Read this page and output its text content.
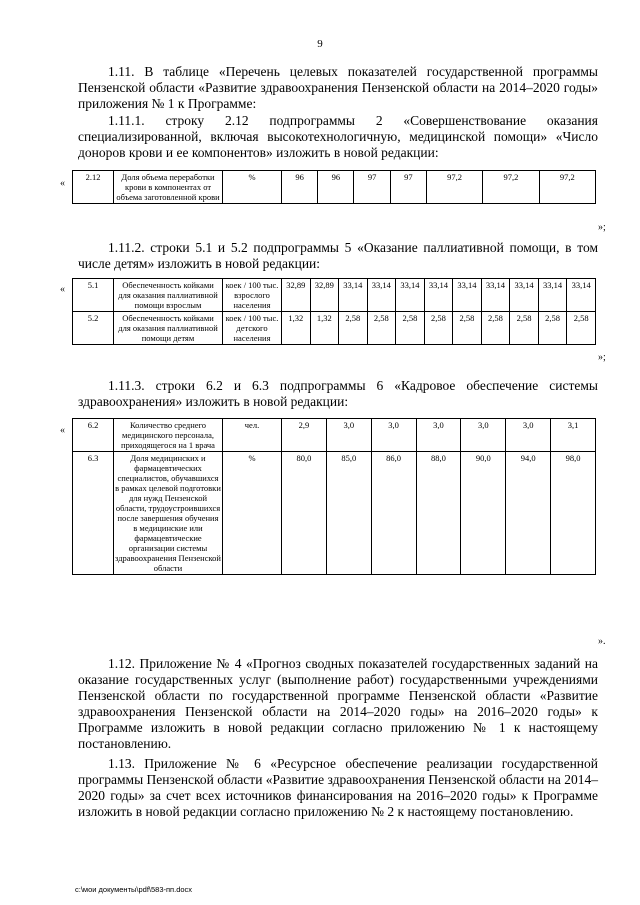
9
1.11. В таблице «Перечень целевых показателей государственной программы Пензенской области «Развитие здравоохранения Пензенской области на 2014–2020 годы» приложения № 1 к Программе:
1.11.1. строку 2.12 подпрограммы 2 «Совершенствование оказания специализированной, включая высокотехнологичную, медицинской помощи» «Число доноров крови и ее компонентов» изложить в новой редакции:
«
2.12	Доля объема переработки крови в компонентах от объема заготовленной крови	%	96	96	97	97	97,2	97,2	97,2
»;
1.11.2. строки 5.1 и 5.2 подпрограммы 5 «Оказание паллиативной помощи, в том числе детям» изложить в новой редакции:
«	5.1	Обеспеченность койками для оказания паллиативной помощи взрослым	коек / 100 тыс. взрослого населения	32,89	32,89	33,14	33,14	33,14	33,14	33,14	33,14	33,14	33,14	33,14
5.2	Обеспеченность койками для оказания паллиативной помощи детям	коек / 100 тыс. детского населения	1,32	1,32	2,58	2,58	2,58	2,58	2,58	2,58	2,58	2,58	2,58
»;
1.11.3. строки 6.2 и 6.3 подпрограммы 6 «Кадровое обеспечение системы здравоохранения» изложить в новой редакции:
«	6.2	Количество среднего медицинского персонала, приходящегося на 1 врача	чел.	2,9	3,0	3,0	3,0	3,0	3,0	3,1
6.3	Доля медицинских и фармацевтических специалистов, обучавшихся в рамках целевой подготовки для нужд Пензенской области, трудоустроившихся после завершения обучения в медицинские или фармацевтические организации системы здравоохранения Пензенской области	%	80,0	85,0	86,0	88,0	90,0	94,0	98,0
».
1.12. Приложение № 4 «Прогноз сводных показателей государственных заданий на оказание государственных услуг (выполнение работ) государственными учреждениями Пензенской области по государственной программе Пензенской области «Развитие здравоохранения Пензенской области на 2014–2020 годы» на 2016–2020 годы» к Программе изложить в новой редакции согласно приложению № 1 к настоящему постановлению.
1.13. Приложение № 6 «Ресурсное обеспечение реализации государственной программы Пензенской области «Развитие здравоохранения Пензенской области на 2014–2020 годы» за счет всех источников финансирования на 2016–2020 годы» к Программе изложить в новой редакции согласно приложению № 2 к настоящему постановлению.
c:\мои документы\pdf\583-пп.docx
